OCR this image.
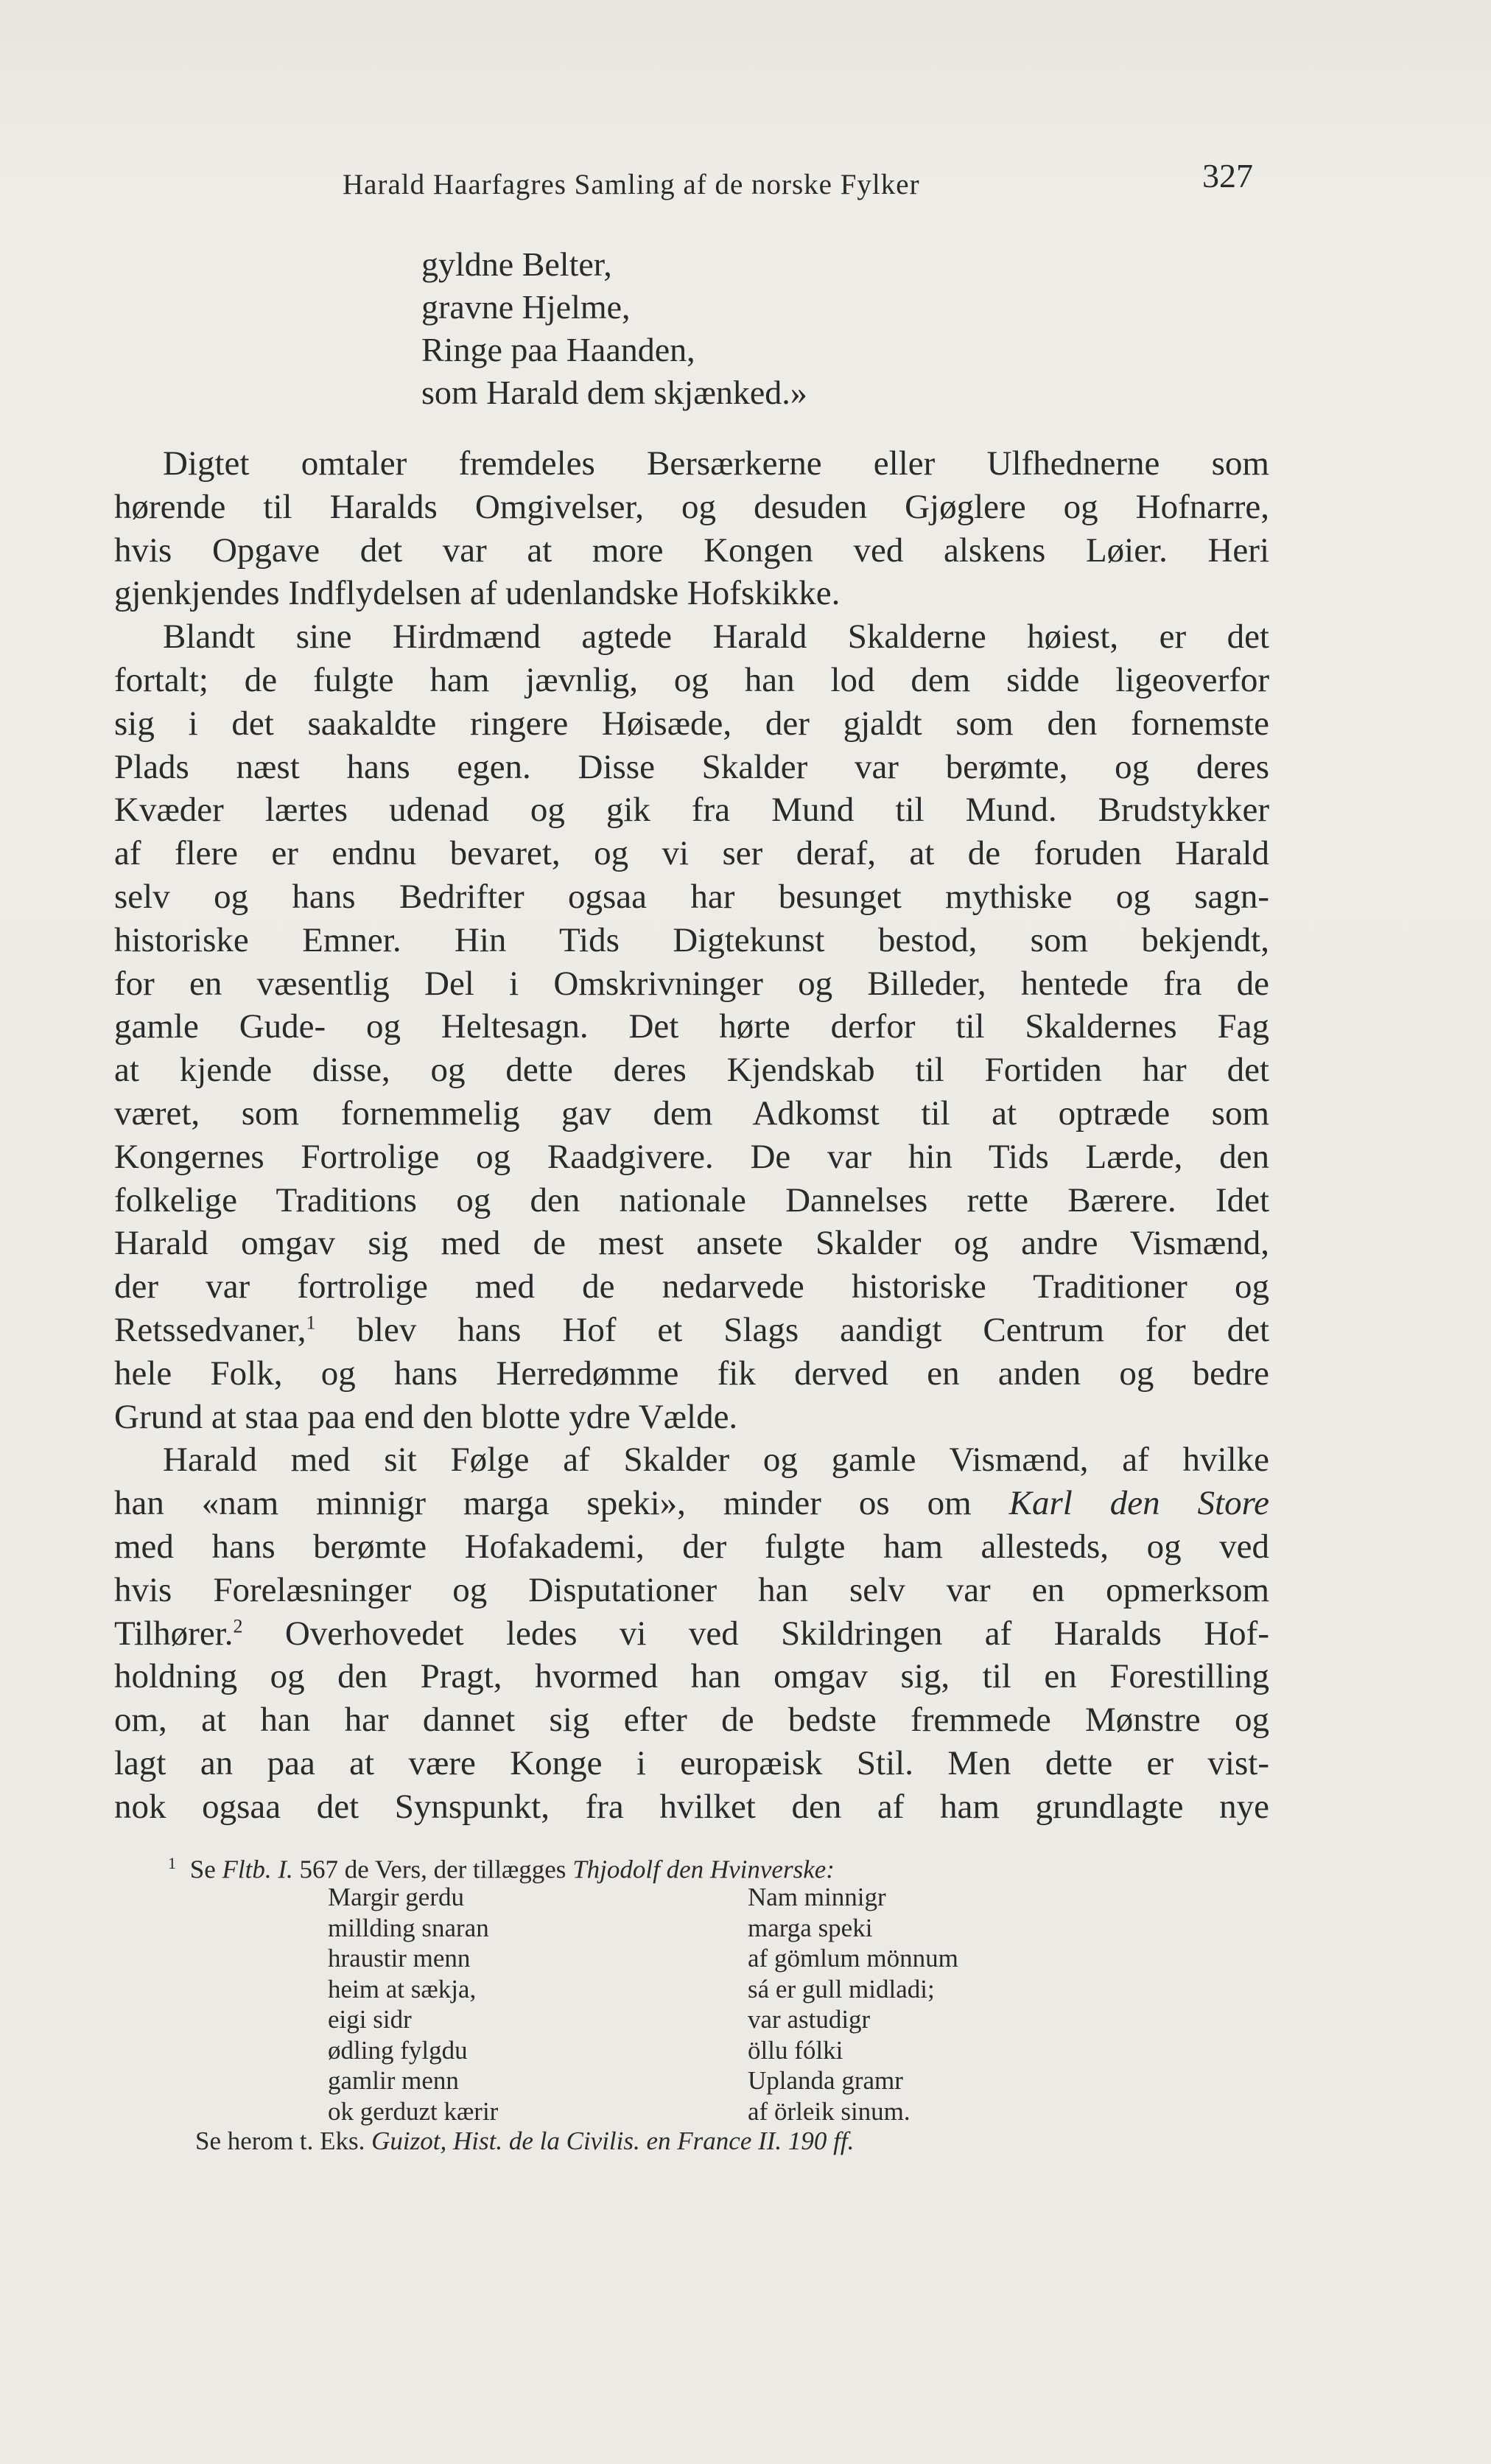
Harald Haarfagres Samling af de norske Fylker	327
gyldne Belter,
gravne Hjelme,
Ringe paa Haanden,
som Harald dem skjænked.»
Digtet omtaler fremdeles Bersærkerne eller Ulfhednerne som
hørende til Haralds Omgivelser, og desuden Gjøglere og Hofnarre,
hvis Opgave det var at more Kongen ved alskens Løier. Heri
gjenkjendes Indflydelsen af udenlandske Hofskikke.
Blandt sine Hirdmænd agtede Harald Skalderne høiest, er det
fortalt; de fulgte ham jævnlig, og han lod dem sidde ligeoverfor
sig i det saakaldte ringere Høisæde, der gjaldt som den fornemste
Plads næst hans egen. Disse Skalder var berømte, og deres
Kvæder lærtes udenad og gik fra Mund til Mund. Brudstykker
af flere er endnu bevaret, og vi ser deraf, at de foruden Harald
selv og hans Bedrifter ogsaa har besunget mythiske og sagn-
historiske Emner. Hin Tids Digtekunst bestod, som bekjendt,
for en væsentlig Del i Omskrivninger og Billeder, hentede fra de
gamle Gude- og Heltesagn. Det hørte derfor til Skaldernes Fag
at kjende disse, og dette deres Kjendskab til Fortiden har det
været, som fornemmelig gav dem Adkomst til at optræde som
Kongernes Fortrolige og Raadgivere. De var hin Tids Lærde, den
folkelige Traditions og den nationale Dannelses rette Bærere. Idet
Harald omgav sig med de mest ansete Skalder og andre Vismænd,
der var fortrolige med de nedarvede historiske Traditioner og
Retssedvaner,$^1$ blev hans Hof et Slags aandigt Centrum for det
hele Folk, og hans Herredømme fik derved en anden og bedre
Grund at staa paa end den blotte ydre Vælde.
Harald med sit Følge af Skalder og gamle Vismænd, af hvilke
han «nam minnigr marga speki», minder os om Karl den Store
med hans berømte Hofakademi, der fulgte ham allesteds, og ved
hvis Forelæsninger og Disputationer han selv var en opmerksom
Tilhører.$^2$ Overhovedet ledes vi ved Skildringen af Haralds Hof-
holdning og den Pragt, hvormed han omgav sig, til en Forestilling
om, at han har dannet sig efter de bedste fremmede Mønstre og
lagt an paa at være Konge i europæisk Stil. Men dette er vist-
nok ogsaa det Synspunkt, fra hvilket den af ham grundlagte nye
$^1$ Se Fltb. I. 567 de Vers, der tillægges Thjodolf den Hvinverske:
Margir gerdu
millding snaran
hraustir menn
heim at sækja,
eigi sidr
ødling fylgdu
gamlir menn
ok gerduzt kærir
Nam minnigr
marga speki
af gömlum mönnum
sá er gull midladi;
var astudigr
öllu fólki
Uplanda gramr
af örleik sinum.
Se herom t. Eks. Guizot, Hist. de la Civilis. en France II. 190 ff.
